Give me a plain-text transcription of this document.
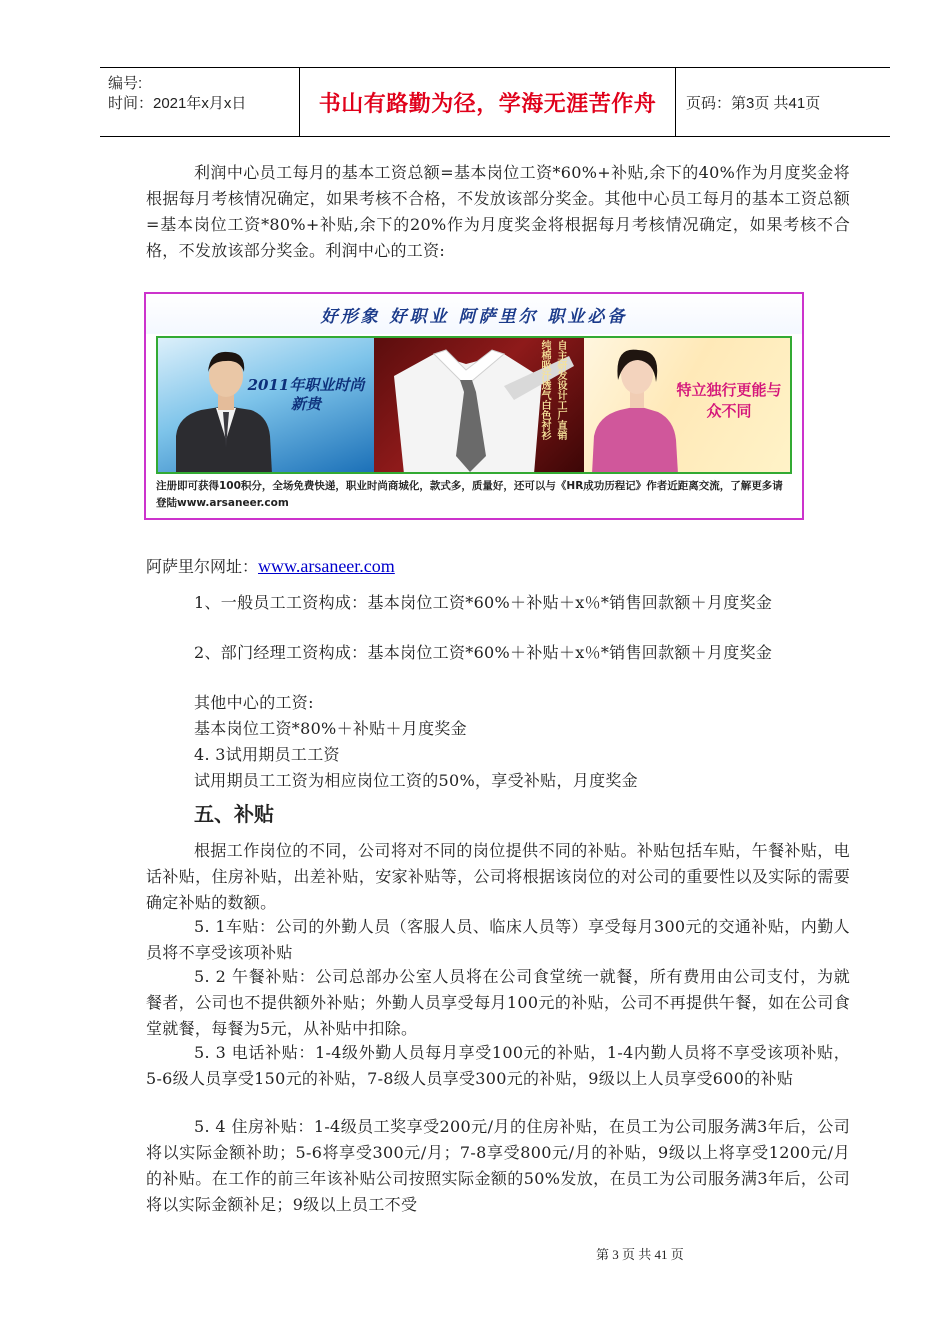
编号:
时间：2021年x月x日	书山有路勤为径，学海无涯苦作舟	页码：第3页 共41页
利润中心员工每月的基本工资总额=基本岗位工资*60%+补贴,余下的40%作为月度奖金将根据每月考核情况确定，如果考核不合格，不发放该部分奖金。其他中心员工每月的基本工资总额=基本岗位工资*80%+补贴,余下的20%作为月度奖金将根据每月考核情况确定，如果考核不合格，不发放该部分奖金。利润中心的工资:
好形象 好职业 阿萨里尔 职业必备
2011年职业时尚新贵	自主研发设计工厂直销
纯棉吸汗透气白色衬衫	特立独行更能与众不同
注册即可获得100积分，全场免费快递，职业时尚商城化，款式多，质量好，还可以与《HR成功历程记》作者近距离交流，了解更多请登陆www.arsaneer.com
阿萨里尔网址：www.arsaneer.com
1、一般员工工资构成：基本岗位工资*60%＋补贴＋x％*销售回款额＋月度奖金
2、部门经理工资构成：基本岗位工资*60%＋补贴＋x％*销售回款额＋月度奖金
其他中心的工资:
基本岗位工资*80%＋补贴＋月度奖金
4. 3试用期员工工资
试用期员工工资为相应岗位工资的50%，享受补贴，月度奖金
五、补贴
根据工作岗位的不同，公司将对不同的岗位提供不同的补贴。补贴包括车贴，午餐补贴，电话补贴，住房补贴，出差补贴，安家补贴等，公司将根据该岗位的对公司的重要性以及实际的需要确定补贴的数额。
5. 1车贴：公司的外勤人员（客服人员、临床人员等）享受每月300元的交通补贴，内勤人员将不享受该项补贴
5. 2 午餐补贴：公司总部办公室人员将在公司食堂统一就餐，所有费用由公司支付，为就餐者，公司也不提供额外补贴；外勤人员享受每月100元的补贴，公司不再提供午餐，如在公司食堂就餐，每餐为5元，从补贴中扣除。
5. 3 电话补贴：1-4级外勤人员每月享受100元的补贴，1-4内勤人员将不享受该项补贴，5-6级人员享受150元的补贴，7-8级人员享受300元的补贴，9级以上人员享受600的补贴
5. 4 住房补贴：1-4级员工奖享受200元/月的住房补贴，在员工为公司服务满3年后，公司将以实际金额补助；5-6将享受300元/月；7-8享受800元/月的补贴，9级以上将享受1200元/月的补贴。在工作的前三年该补贴公司按照实际金额的50%发放，在员工为公司服务满3年后，公司将以实际金额补足；9级以上员工不受
第 3 页 共 41 页
